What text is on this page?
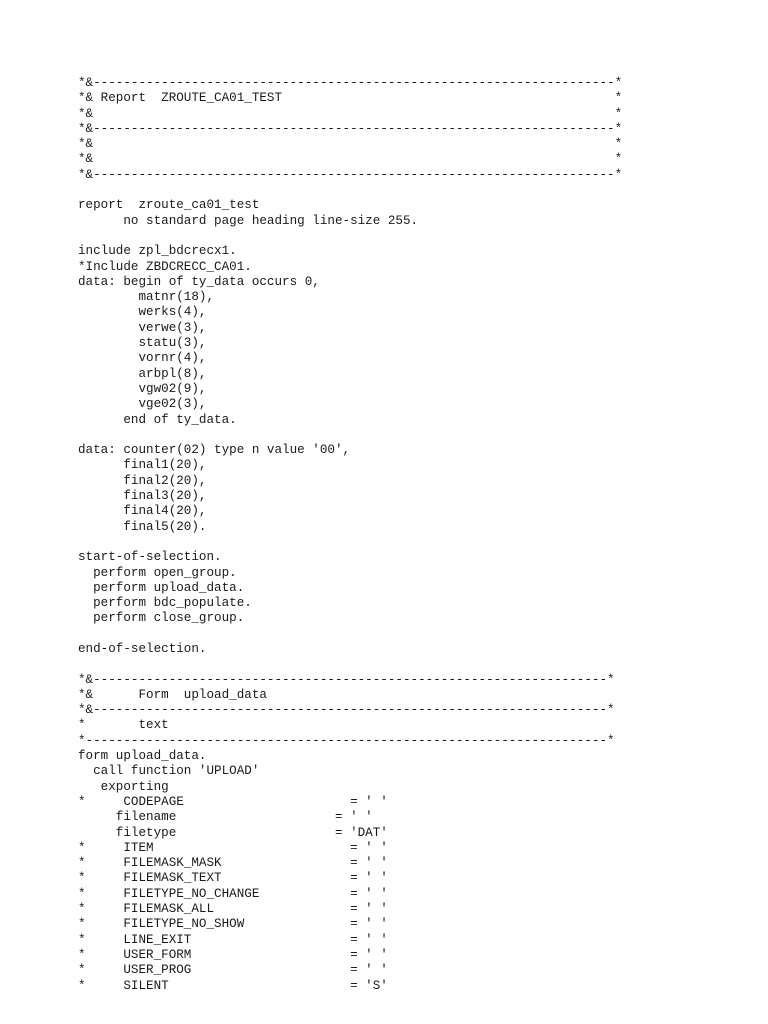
*&---------------------------------------------------------------------*
*& Report  ZROUTE_CA01_TEST                                            *
*&                                                                     *
*&---------------------------------------------------------------------*
*&                                                                     *
*&                                                                     *
*&---------------------------------------------------------------------*
report  zroute_ca01_test
no standard page heading line-size 255.
include zpl_bdcrecx1.
*Include ZBDCRECC_CA01.
data: begin of ty_data occurs 0,
matnr(18),
werks(4),
verwe(3),
statu(3),
vornr(4),
arbpl(8),
vgw02(9),
vge02(3),
end of ty_data.
data: counter(02) type n value '00',
final1(20),
final2(20),
final3(20),
final4(20),
final5(20).
start-of-selection.
perform open_group.
perform upload_data.
perform bdc_populate.
perform close_group.
end-of-selection.
*&--------------------------------------------------------------------*
*&      Form  upload_data
*&--------------------------------------------------------------------*
*       text
*---------------------------------------------------------------------*
form upload_data.
call function 'UPLOAD'
exporting
*     CODEPAGE                      = ' '
filename                     = ' '
filetype                     = 'DAT'
*     ITEM                          = ' '
*     FILEMASK_MASK                 = ' '
*     FILEMASK_TEXT                 = ' '
*     FILETYPE_NO_CHANGE            = ' '
*     FILEMASK_ALL                  = ' '
*     FILETYPE_NO_SHOW              = ' '
*     LINE_EXIT                     = ' '
*     USER_FORM                     = ' '
*     USER_PROG                     = ' '
*     SILENT                        = 'S'
